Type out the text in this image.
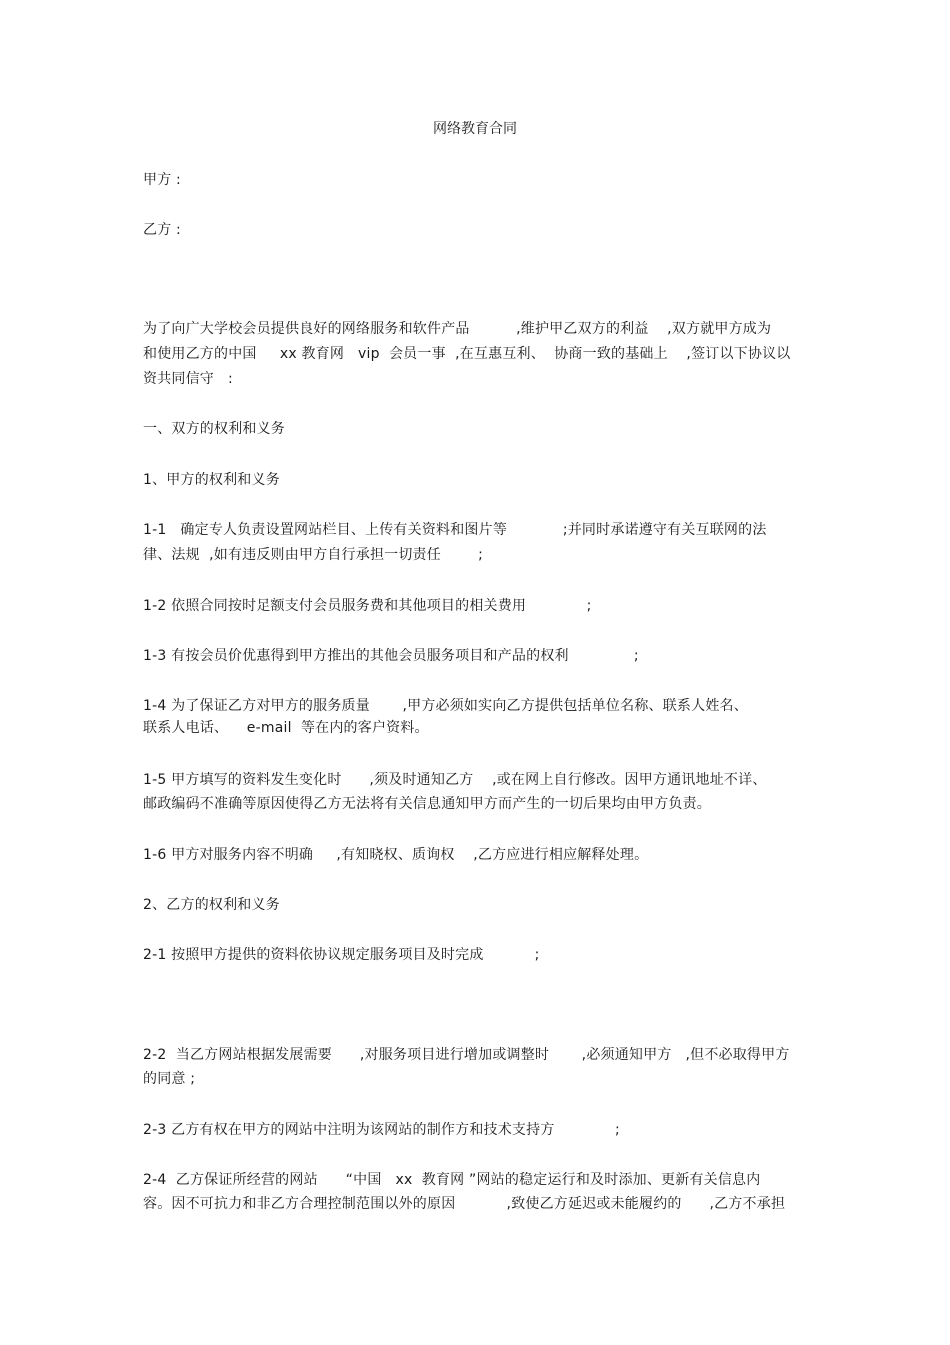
网络教育合同
甲方 :
乙方 :
为了向广大学校会员提供良好的网络服务和软件产品          ,维护甲乙双方的利益    ,双方就甲方成为
和使用乙方的中国     xx 教育网   vip  会员一事  ,在互惠互利、  协商一致的基础上    ,签订以下协议以
资共同信守   :
一、双方的权利和义务
1、甲方的权利和义务
1-1   确定专人负责设置网站栏目、上传有关资料和图片等            ;并同时承诺遵守有关互联网的法
律、法规  ,如有违反则由甲方自行承担一切责任        ;
1-2 依照合同按时足额支付会员服务费和其他项目的相关费用             ;
1-3 有按会员价优惠得到甲方推出的其他会员服务项目和产品的权利              ;
1-4 为了保证乙方对甲方的服务质量       ,甲方必须如实向乙方提供包括单位名称、联系人姓名、
联系人电话、    e-mail  等在内的客户资料。
1-5 甲方填写的资料发生变化时      ,须及时通知乙方    ,或在网上自行修改。因甲方通讯地址不详、
邮政编码不准确等原因使得乙方无法将有关信息通知甲方而产生的一切后果均由甲方负责。
1-6 甲方对服务内容不明确     ,有知晓权、质询权    ,乙方应进行相应解释处理。
2、乙方的权利和义务
2-1 按照甲方提供的资料依协议规定服务项目及时完成           ;
2-2  当乙方网站根据发展需要      ,对服务项目进行增加或调整时       ,必须通知甲方   ,但不必取得甲方
的同意 ;
2-3 乙方有权在甲方的网站中注明为该网站的制作方和技术支持方             ;
2-4  乙方保证所经营的网站      “中国   xx  教育网 ”网站的稳定运行和及时添加、更新有关信息内
容。因不可抗力和非乙方合理控制范围以外的原因           ,致使乙方延迟或未能履约的      ,乙方不承担
